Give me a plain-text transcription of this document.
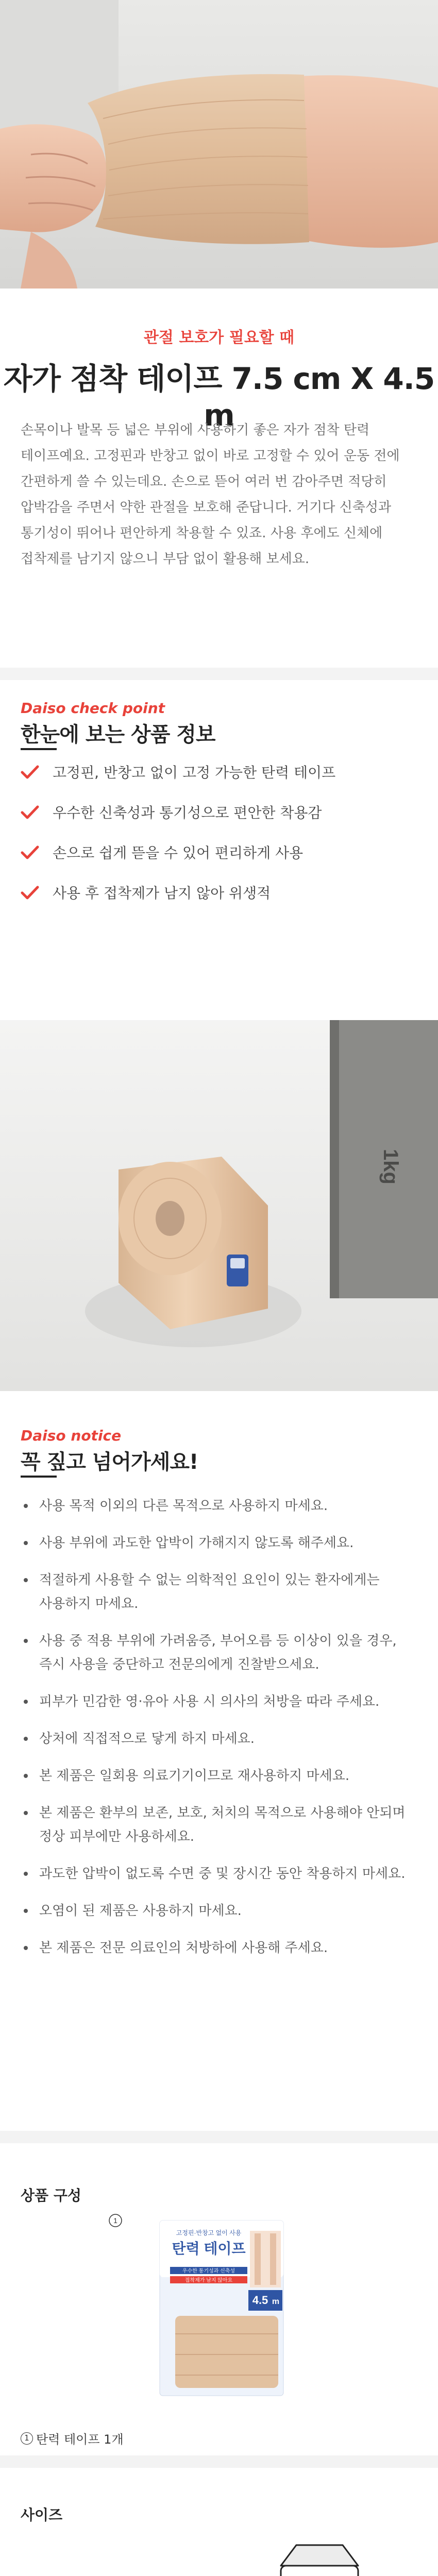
관절 보호가 필요할 때
자가 점착 테이프 7.5 cm X 4.5 m
손목이나 발목 등 넓은 부위에 사용하기 좋은 자가 점착 탄력 테이프예요. 고정핀과 반창고 없이 바로 고정할 수 있어 운동 전에 간편하게 쓸 수 있는데요. 손으로 뜯어 여러 번 감아주면 적당히 압박감을 주면서 약한 관절을 보호해 준답니다. 거기다 신축성과 통기성이 뛰어나 편안하게 착용할 수 있죠. 사용 후에도 신체에 접착제를 남기지 않으니 부담 없이 활용해 보세요.
Daiso check point
한눈에 보는 상품 정보
고정핀, 반창고 없이 고정 가능한 탄력 테이프
우수한 신축성과 통기성으로 편안한 착용감
손으로 쉽게 뜯을 수 있어 편리하게 사용
사용 후 접착제가 남지 않아 위생적
1kg
Daiso notice
꼭 짚고 넘어가세요!
사용 목적 이외의 다른 목적으로 사용하지 마세요.
사용 부위에 과도한 압박이 가해지지 않도록 해주세요.
적절하게 사용할 수 없는 의학적인 요인이 있는 환자에게는 사용하지 마세요.
사용 중 적용 부위에 가려움증, 부어오름 등 이상이 있을 경우, 즉시 사용을 중단하고 전문의에게 진찰받으세요.
피부가 민감한 영·유아 사용 시 의사의 처방을 따라 주세요.
상처에 직접적으로 닿게 하지 마세요.
본 제품은 일회용 의료기기이므로 재사용하지 마세요.
본 제품은 환부의 보존, 보호, 처치의 목적으로 사용해야 안되며 정상 피부에만 사용하세요.
과도한 압박이 없도록 수면 중 및 장시간 동안 착용하지 마세요.
오염이 된 제품은 사용하지 마세요.
본 제품은 전문 의료인의 처방하에 사용해 주세요.
상품 구성
1
고정핀·반창고 없이 사용
탄력 테이프
DAISO
우수한 통기성과 신축성
접착제가 남지 않아요
4.5 m
1 탄력 테이프 1개
사이즈
